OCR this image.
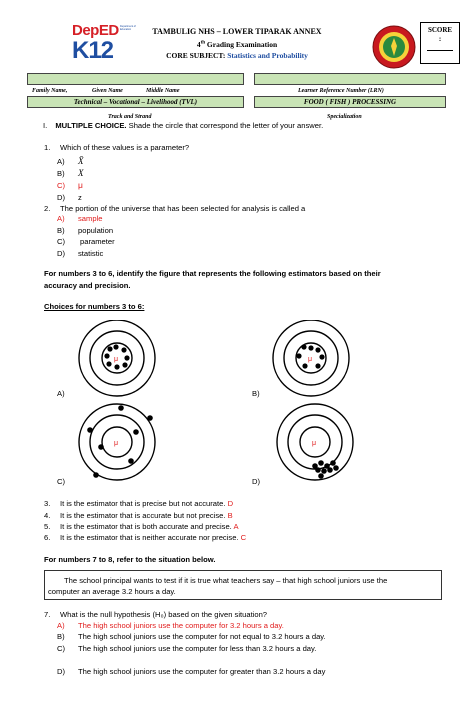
DepED
K12
Department of Education	TAMBULIG NHS – LOWER TIPARAK ANNEX
4th Grading Examination
CORE SUBJECT: Statistics and Probability
SCORE
:
Family Name,	Given Name	Middle Name	Learner Reference Number (LRN)
Technical – Vocational – Livelihood (TVL)	FOOD ( FISH ) PROCESSING
Track and Strand	Specialization
I. MULTIPLE CHOICE. Shade the circle that correspond the letter of your answer.
1. Which of these values is a parameter?
A) X̄
B) X
C) μ
D) z
2. The portion of the universe that has been selected for analysis is called a
A) sample
B) population
C) parameter
D) statistic
For numbers 3 to 6, identify the figure that represents the following estimators based on their
accuracy and precision.
Choices for numbers 3 to 6:
μ	μ
μ	μ
A)	B)
C)	D)
3. It is the estimator that is precise but not accurate. D
4. It is the estimator that is accurate but not precise. B
5. It is the estimator that is both accurate and precise. A
6. It is the estimator that is neither accurate nor precise. C
For numbers 7 to 8, refer to the situation below.
The school principal wants to test if it is true what teachers say – that high school juniors use the
computer an average 3.2 hours a day.
7. What is the null hypothesis (H₀) based on the given situation?
A) The high school juniors use the computer for 3.2 hours a day.
B) The high school juniors use the computer for not equal to 3.2 hours a day.
C) The high school juniors use the computer for less than 3.2 hours a day.
D) The high school juniors use the computer for greater than 3.2 hours a day
